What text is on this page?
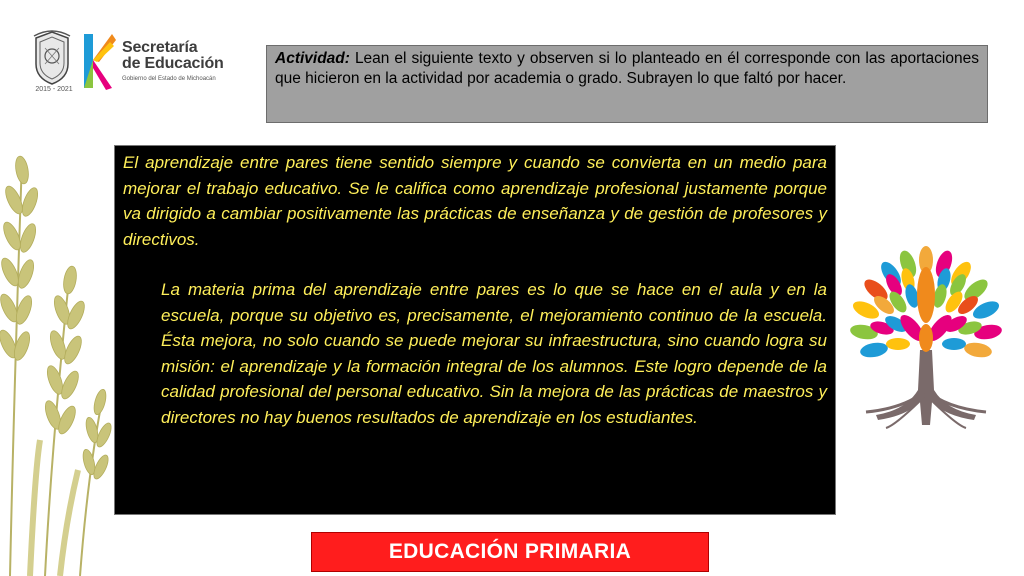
2015 - 2021
Secretaría
de Educación
Gobierno del Estado de Michoacán
Actividad: Lean el siguiente texto y observen si lo planteado en él corresponde con las aportaciones que hicieron en la actividad por academia o grado. Subrayen lo que faltó por hacer.

El aprendizaje entre pares tiene sentido siempre y cuando se convierta en un medio para mejorar el trabajo educativo. Se le califica como aprendizaje profesional justamente porque va dirigido a cambiar positivamente las prácticas de enseñanza y de gestión de profesores y directivos.

La materia prima del aprendizaje entre pares es lo que se hace en el aula y en la escuela, porque su objetivo es, precisamente, el mejoramiento continuo de la escuela. Ésta mejora, no solo cuando se puede mejorar su infraestructura, sino cuando logra su misión: el aprendizaje y la formación integral de los alumnos. Este logro depende de la calidad profesional del personal educativo. Sin la mejora de las prácticas de maestros y directores no hay buenos resultados de aprendizaje en los estudiantes.

EDUCACIÓN PRIMARIA
